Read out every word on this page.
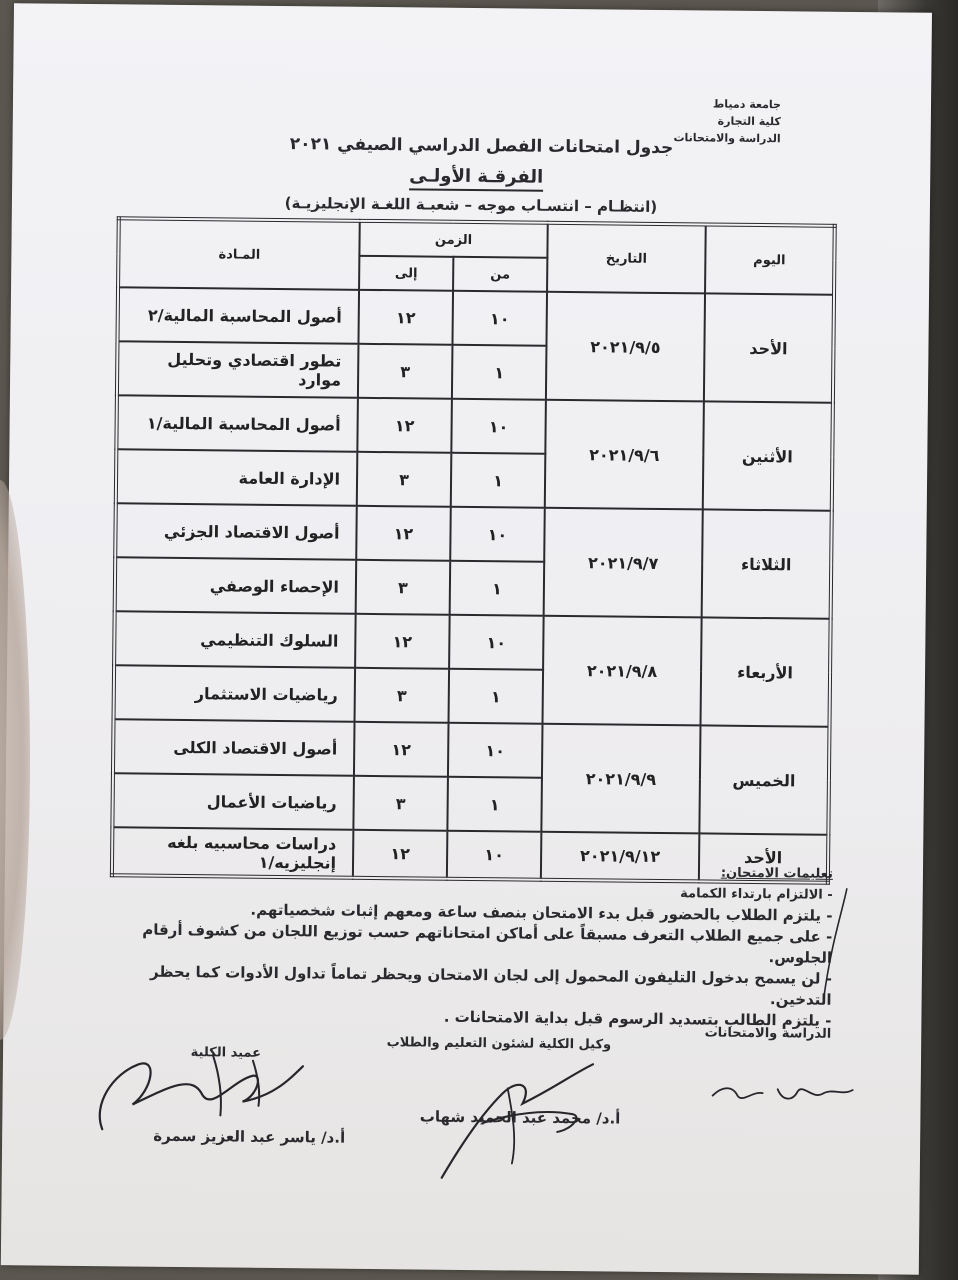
جامعة دمياط
كلية التجارة
الدراسة والامتحانات
جدول امتحانات الفصل الدراسي الصيفي ٢٠٢١
الفرقـة الأولـى
(انتظـام – انتسـاب موجه – شعبـة اللغـة الإنجليزيـة)
اليوم	التاريخ	الزمن		المـادة
		من	إلى	
الأحد	٢٠٢١/٩/٥	١٠	١٢	أصول المحاسبة المالية/٢
		١	٣	تطور اقتصادي وتحليل موارد
الأثنين	٢٠٢١/٩/٦	١٠	١٢	أصول المحاسبة المالية/١
		١	٣	الإدارة العامة
الثلاثاء	٢٠٢١/٩/٧	١٠	١٢	أصول الاقتصاد الجزئي
		١	٣	الإحصاء الوصفي
الأربعاء	٢٠٢١/٩/٨	١٠	١٢	السلوك التنظيمي
		١	٣	رياضيات الاستثمار
الخميس	٢٠٢١/٩/٩	١٠	١٢	أصول الاقتصاد الكلى
		١	٣	رياضيات الأعمال
الأحد	٢٠٢١/٩/١٢	١٠	١٢	دراسات محاسبيه بلغه إنجليزيه/١
تعليمات الامتحان:
- الالتزام بارتداء الكمامة
- يلتزم الطلاب بالحضور قبل بدء الامتحان بنصف ساعة ومعهم إثبات شخصياتهم.
- على جميع الطلاب التعرف مسبقاً على أماكن امتحاناتهم حسب توزيع اللجان من كشوف أرقام الجلوس.
- لن يسمح بدخول التليفون المحمول إلى لجان الامتحان ويحظر تماماً تداول الأدوات كما يحظر التدخين.
- يلتزم الطالب بتسديد الرسوم قبل بداية الامتحانات .
الدراسة والامتحانات
وكيل الكلية لشئون التعليم والطلاب
عميد الكلية
أ.د/ محمد عبد الحميد شهاب
أ.د/ ياسر عبد العزيز سمرة
